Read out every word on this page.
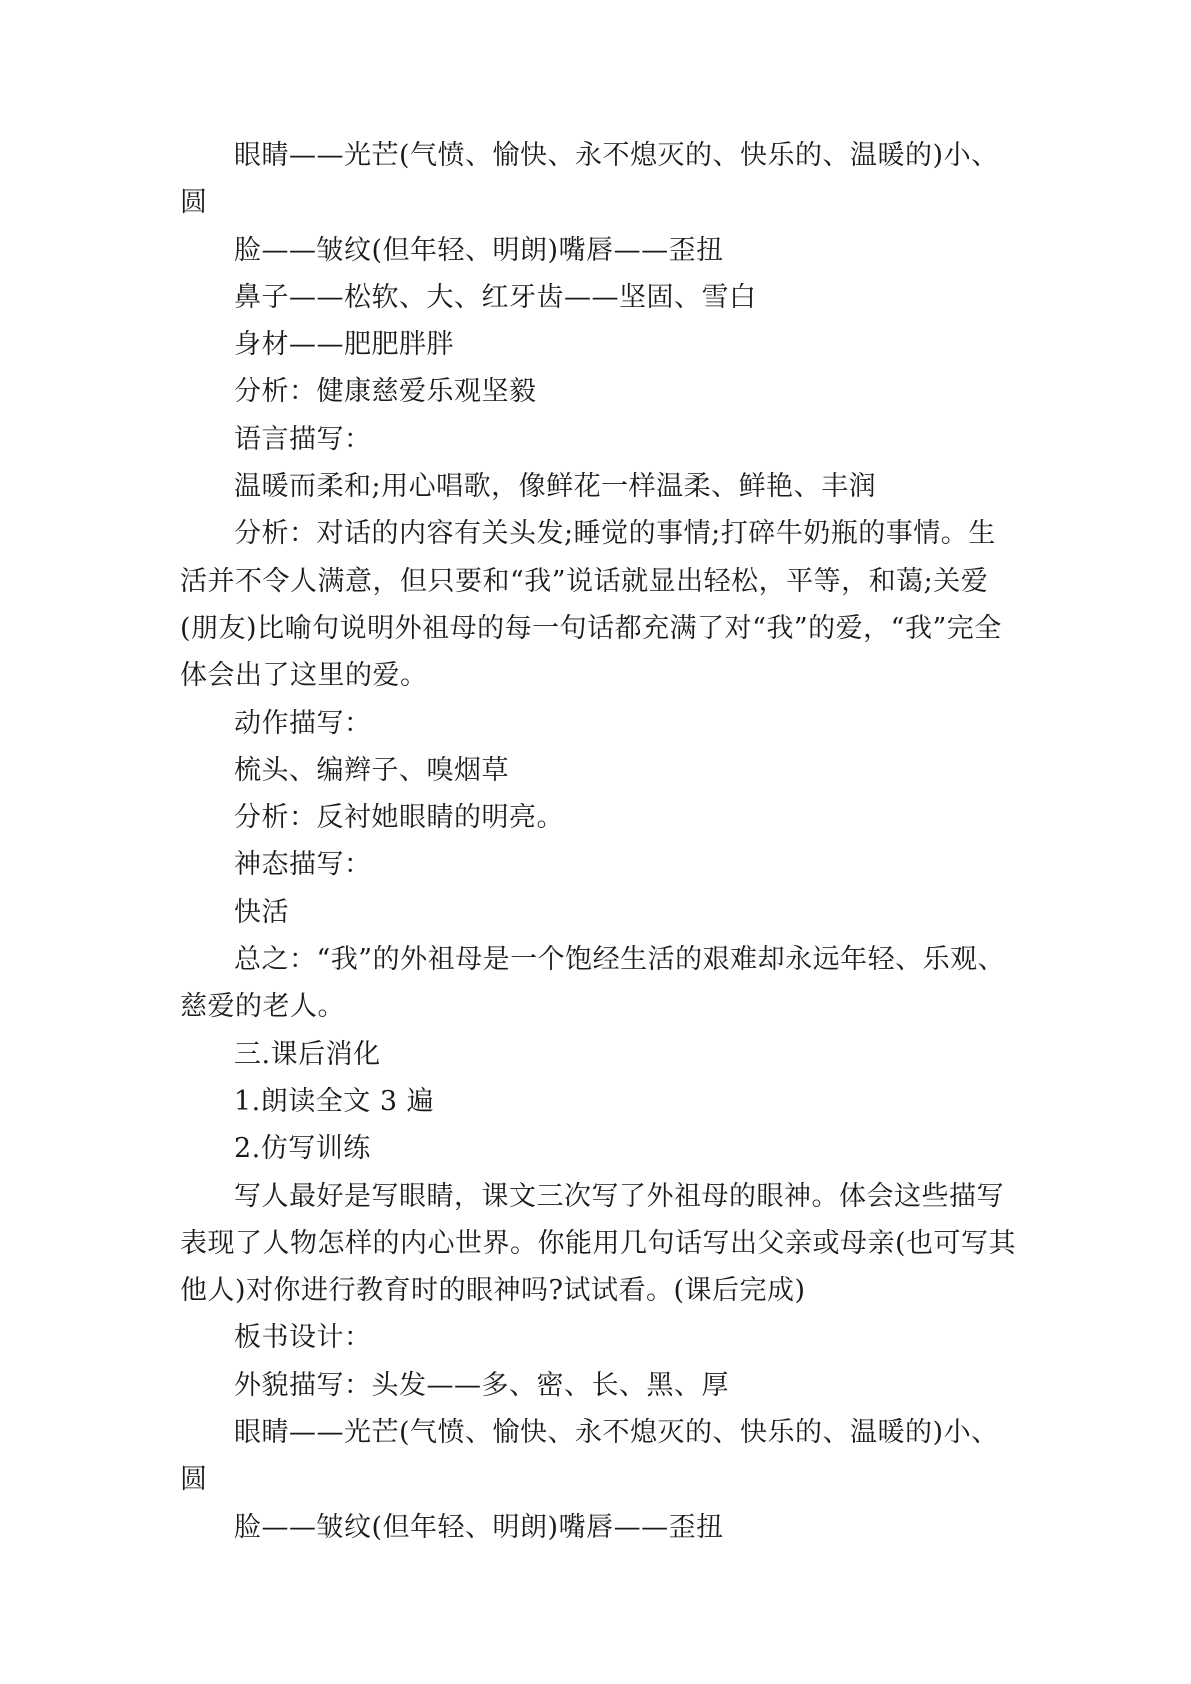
眼睛——光芒(气愤、愉快、永不熄灭的、快乐的、温暖的)小、圆

脸——皱纹(但年轻、明朗)嘴唇——歪扭

鼻子——松软、大、红牙齿——坚固、雪白

身材——肥肥胖胖

分析：健康慈爱乐观坚毅

语言描写：

温暖而柔和;用心唱歌，像鲜花一样温柔、鲜艳、丰润

分析：对话的内容有关头发;睡觉的事情;打碎牛奶瓶的事情。生活并不令人满意，但只要和“我”说话就显出轻松，平等，和蔼;关爱(朋友)比喻句说明外祖母的每一句话都充满了对“我”的爱，“我”完全体会出了这里的爱。

动作描写：

梳头、编辫子、嗅烟草

分析：反衬她眼睛的明亮。

神态描写：

快活

总之：“我”的外祖母是一个饱经生活的艰难却永远年轻、乐观、慈爱的老人。

三.课后消化

1.朗读全文 3 遍

2.仿写训练

写人最好是写眼睛，课文三次写了外祖母的眼神。体会这些描写表现了人物怎样的内心世界。你能用几句话写出父亲或母亲(也可写其他人)对你进行教育时的眼神吗?试试看。(课后完成)

板书设计：

外貌描写：头发——多、密、长、黑、厚

眼睛——光芒(气愤、愉快、永不熄灭的、快乐的、温暖的)小、圆

脸——皱纹(但年轻、明朗)嘴唇——歪扭
